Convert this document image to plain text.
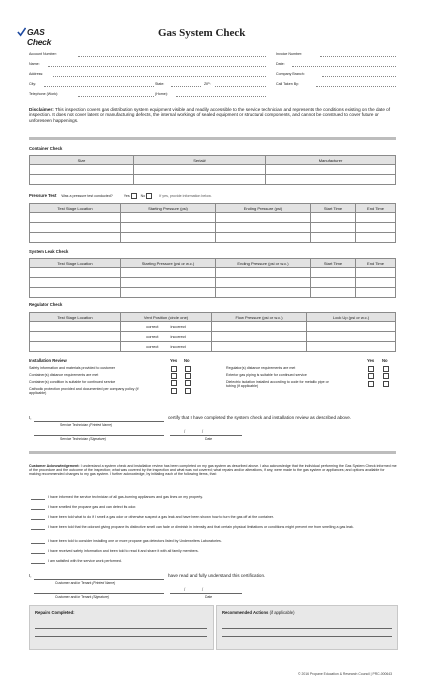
GAS Check
Gas System Check
Account Number:
Name:
Address:
City:	State:	ZIP:
Telephone (Work):	(Home):
Invoice Number:
Date:
Company Branch:
Call Taken By:
Disclaimer: This inspection covers gas distribution system equipment visible and readily accessible to the service technician and represents the conditions existing on the date of inspection. It does not cover latent or manufacturing defects, the internal workings of sealed equipment or structural components, and cannot be construed to cover future or unforeseen happenings.
Container Check
Size	Serial#	Manufacturer

Pressure Test Was a pressure test conducted?	Yes	No	If yes, provide information below.
Test Stage Location	Starting Pressure (psi)	Ending Pressure (psi)	Start Time	End Time

System Leak Check
Test Stage Location	Starting Pressure (psi or w.c.)	Ending Pressure (psi or w.c.)	Start Time	End Time

Regulator Check
Test Stage Location	Vent Position (circle one)	Flow Pressure (psi or w.c.)	Lock Up (psi or w.c.)
	correct incorrect		
	correct incorrect		
	correct incorrect		
Installation Review	Yes No	Yes No
Safety information and materials provided to customer
Container(s) distance requirements are met
Container(s) condition is suitable for continued service
Cathodic protection provided and documented per company policy (if applicable)
Regulator(s) distance requirements are met
Exterior gas piping is suitable for continued service
Dielectric isolation installed according to code for metallic pipe or tubing (if applicable)
I,	certify that I have completed the system check and installation review as described above.
Service Technician (Printed Name)
/             /
Service Technician (Signature)	Date
Customer Acknowledgement: I understand a system check and installation review has been completed on my gas system as described above. I also acknowledge that the individual performing the Gas System Check informed me of the procedure and the outcome of the inspection; what was covered by the inspection and what was not covered; what repairs and/or alterations, if any, were made to the gas system or appliances; and options available for making recommended changes to my gas system. I further acknowledge, by initialing each of the following items, that:
I have informed the service technician of all gas-burning appliances and gas lines on my property.
I have smelled the propane gas and can detect its odor.
I have been told what to do if I smell a gas odor or otherwise suspect a gas leak and have been shown how to turn the gas off at the container.
I have been told that the odorant giving propane its distinctive smell can fade or diminish in intensity and that certain physical limitations or conditions might prevent me from smelling a gas leak.
I have been told to consider installing one or more propane gas detectors listed by Underwriters Laboratories.
I have received safety information and been told to read it and share it with all family members.
I am satisfied with the service work performed.
I,	have read and fully understand this certification.
Customer and/or Tenant (Printed Name)
/             /
Customer and/or Tenant (Signature)	Date
Repairs Completed:	Recommended Actions (if applicable)
© 2016 Propane Education & Research Council | PRC-000643
